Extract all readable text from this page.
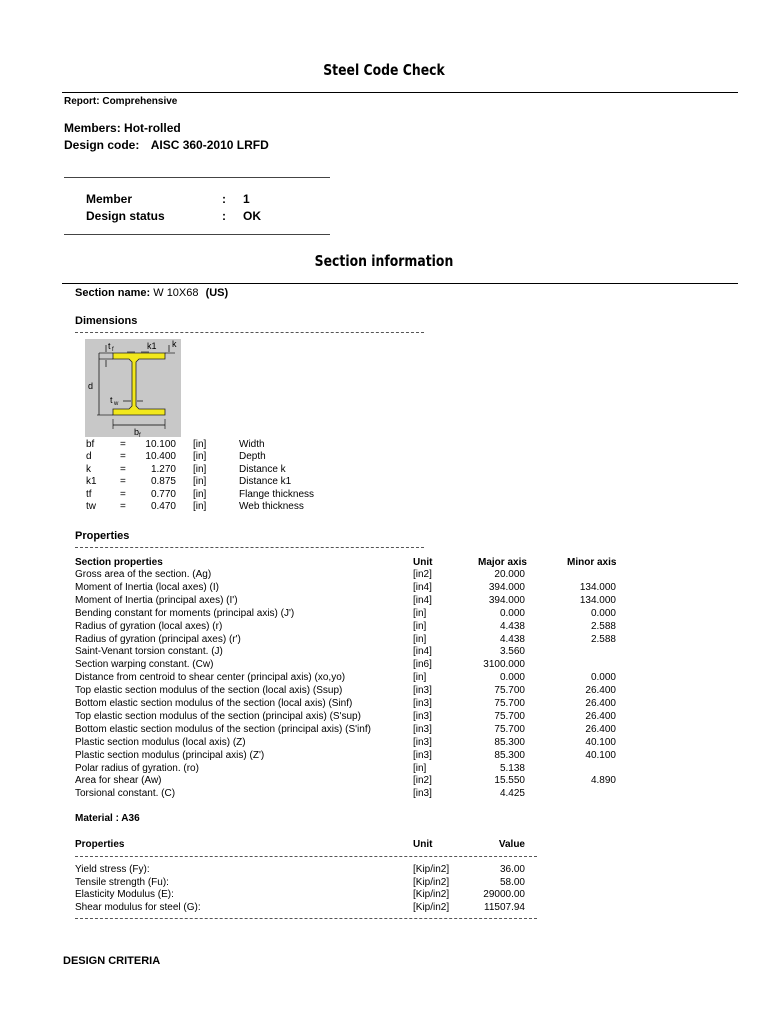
Steel Code Check
Report: Comprehensive
Members: Hot-rolled
Design code: AISC 360-2010 LRFD
Member	: 1
Design status	: OK
Section information
Section name: W 10X68 (US)
Dimensions
t f	k1 k
d
t w
b f
bf	=	10.100 [in]	Width
d	=	10.400 [in]	Depth
k	=	1.270 [in]	Distance k
k1 =	0.875 [in]	Distance k1
tf	=	0.770 [in]	Flange thickness
tw =	0.470 [in]	Web thickness
Properties
Section properties	Unit	Major axis	Minor axis
Gross area of the section. (Ag)	[in2]	20.000
Moment of Inertia (local axes) (I)	[in4]	394.000	134.000
Moment of Inertia (principal axes) (I')	[in4]	394.000	134.000
Bending constant for moments (principal axis) (J')	[in]	0.000	0.000
Radius of gyration (local axes) (r)	[in]	4.438	2.588
Radius of gyration (principal axes) (r')	[in]	4.438	2.588
Saint-Venant torsion constant. (J)	[in4]	3.560
Section warping constant. (Cw)	[in6]	3100.000
Distance from centroid to shear center (principal axis) (xo,yo)	[in]	0.000	0.000
Top elastic section modulus of the section (local axis) (Ssup)	[in3]	75.700	26.400
Bottom elastic section modulus of the section (local axis) (Sinf)	[in3]	75.700	26.400
Top elastic section modulus of the section (principal axis) (S'sup)	[in3]	75.700	26.400
Bottom elastic section modulus of the section (principal axis) (S'inf)	[in3]	75.700	26.400
Plastic section modulus (local axis) (Z)	[in3]	85.300	40.100
Plastic section modulus (principal axis) (Z')	[in3]	85.300	40.100
Polar radius of gyration. (ro)	[in]	5.138
Area for shear (Aw)	[in2]	15.550	4.890
Torsional constant. (C)	[in3]	4.425
Material : A36
Properties	Unit	Value
Yield stress (Fy):	[Kip/in2]	36.00
Tensile strength (Fu):	[Kip/in2]	58.00
Elasticity Modulus (E):	[Kip/in2]	29000.00
Shear modulus for steel (G):	[Kip/in2]	11507.94
DESIGN CRITERIA
